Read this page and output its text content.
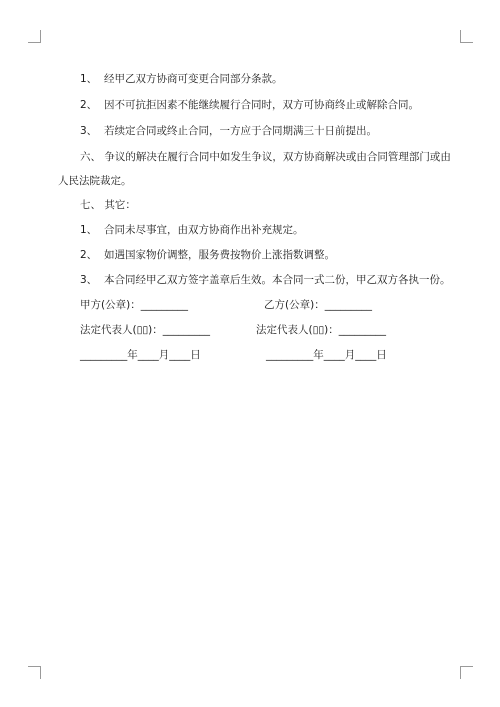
1、 经甲乙双方协商可变更合同部分条款。
2、 因不可抗拒因素不能继续履行合同时，双方可协商终止或解除合同。
3、 若续定合同或终止合同，一方应于合同期满三十日前提出。
六、 争议的解决在履行合同中如发生争议，双方协商解决或由合同管理部门或由
人民法院裁定。
七、 其它：
1、 合同未尽事宜，由双方协商作出补充规定。
2、 如遇国家物价调整，服务费按物价上涨指数调整。
3、 本合同经甲乙双方签字盖章后生效。本合同一式二份，甲乙双方各执一份。
甲方(公章)：_________	乙方(公章)：_________
法定代表人(▯▯)：_________	法定代表人(▯▯)：_________
_________年____月____日	_________年____月____日
